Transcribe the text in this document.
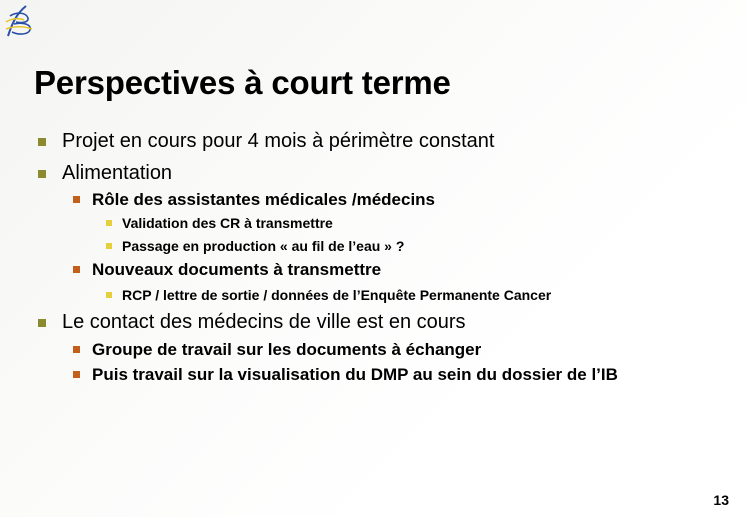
Perspectives à court terme
Projet en cours pour 4 mois à périmètre constant
Alimentation
Rôle des assistantes médicales /médecins
Validation des CR à transmettre
Passage en production « au fil de l’eau » ?
Nouveaux documents à transmettre
RCP / lettre de sortie / données de l’Enquête Permanente Cancer
Le contact des médecins de ville est en cours
Groupe de travail sur les documents à échanger
Puis travail sur la visualisation du DMP au sein du dossier de l’IB
13
